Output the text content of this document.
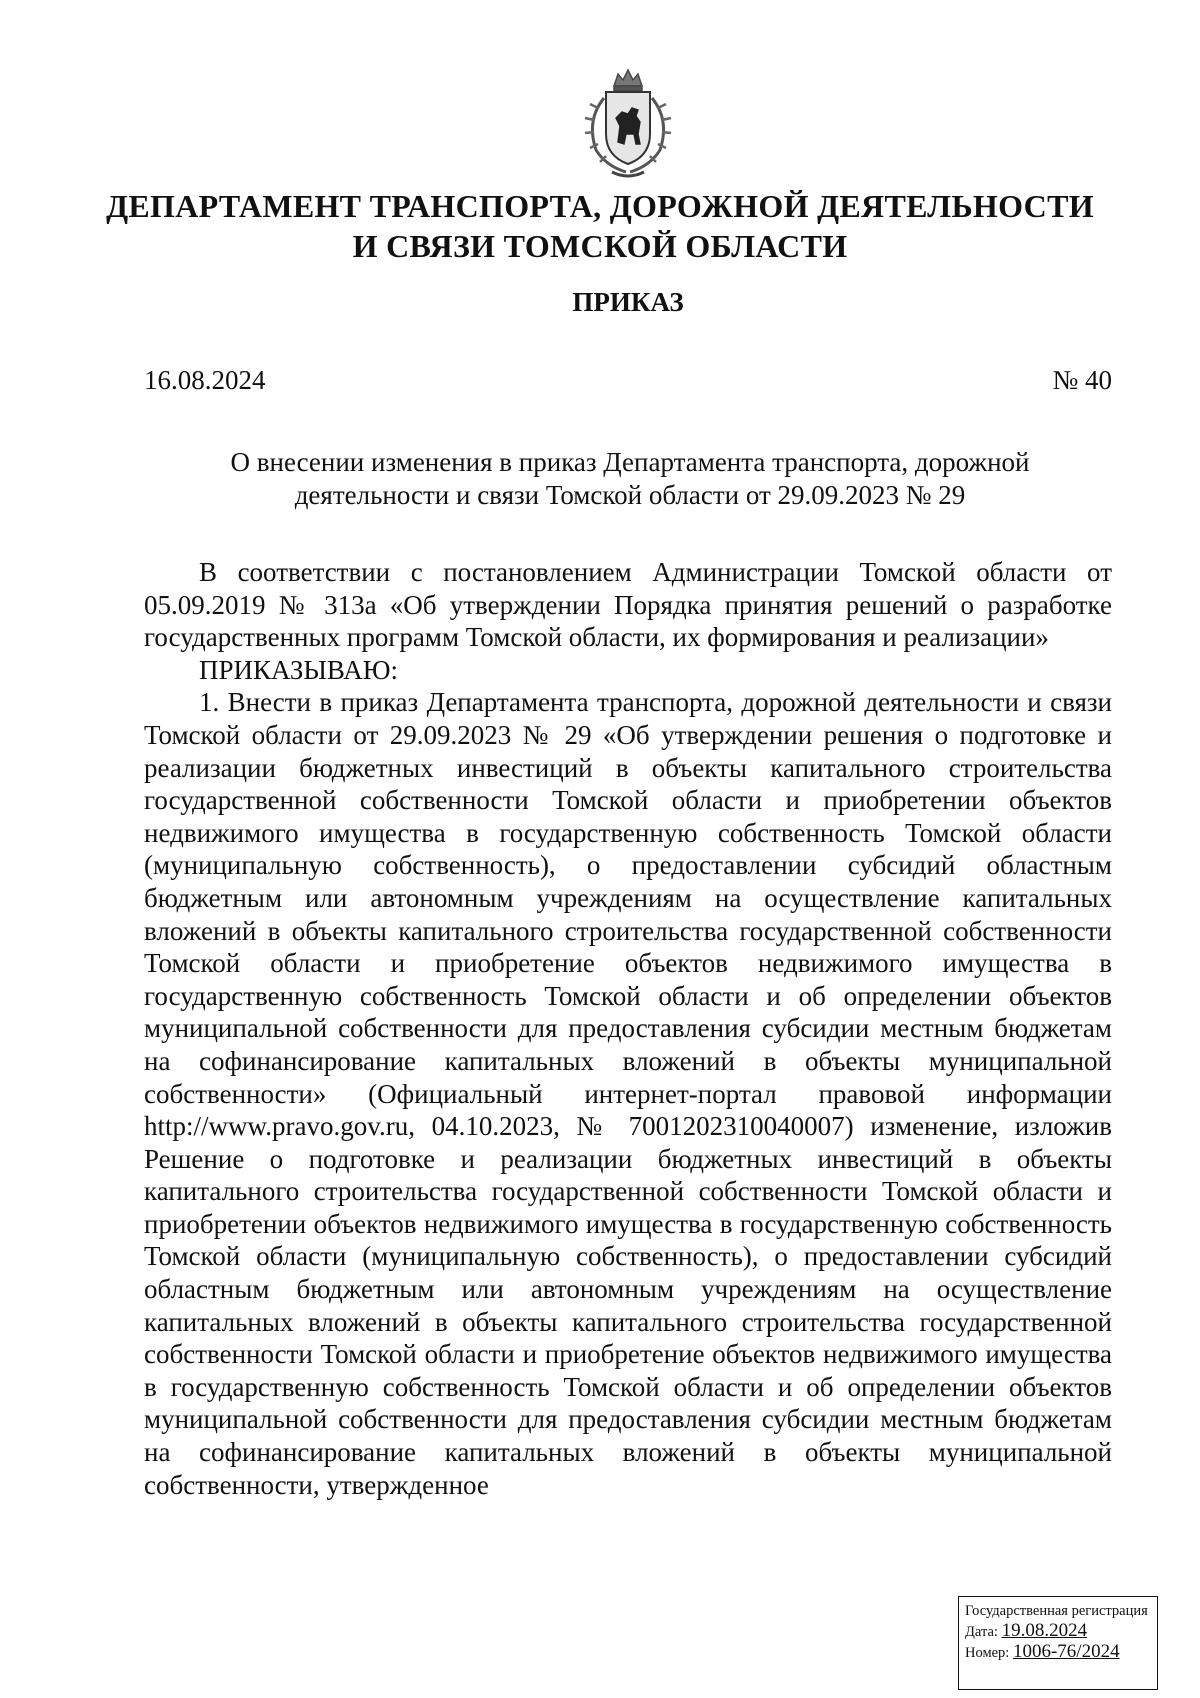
ДЕПАРТАМЕНТ ТРАНСПОРТА, ДОРОЖНОЙ ДЕЯТЕЛЬНОСТИ
И СВЯЗИ ТОМСКОЙ ОБЛАСТИ
ПРИКАЗ
16.08.2024	№ 40
О внесении изменения в приказ Департамента транспорта, дорожной
деятельности и связи Томской области от 29.09.2023 № 29

В соответствии с постановлением Администрации Томской области от 05.09.2019 № 313а «Об утверждении Порядка принятия решений о разработке государственных программ Томской области, их формирования и реализации»

ПРИКАЗЫВАЮ:

1. Внести в приказ Департамента транспорта, дорожной деятельности и связи Томской области от 29.09.2023 № 29 «Об утверждении решения о подготовке и реализации бюджетных инвестиций в объекты капитального строительства государственной собственности Томской области и приобретении объектов недвижимого имущества в государственную собственность Томской области (муниципальную собственность), о предоставлении субсидий областным бюджетным или автономным учреждениям на осуществление капитальных вложений в объекты капитального строительства государственной собственности Томской области и приобретение объектов недвижимого имущества в государственную собственность Томской области и об определении объектов муниципальной собственности для предоставления субсидии местным бюджетам на софинансирование капитальных вложений в объекты муниципальной собственности» (Официальный интернет-портал правовой информации http://www.pravo.gov.ru, 04.10.2023, № 7001202310040007) изменение, изложив Решение о подготовке и реализации бюджетных инвестиций в объекты капитального строительства государственной собственности Томской области и приобретении объектов недвижимого имущества в государственную собственность Томской области (муниципальную собственность), о предоставлении субсидий областным бюджетным или автономным учреждениям на осуществление капитальных вложений в объекты капитального строительства государственной собственности Томской области и приобретение объектов недвижимого имущества в государственную собственность Томской области и об определении объектов муниципальной собственности для предоставления субсидии местным бюджетам на софинансирование капитальных вложений в объекты муниципальной собственности, утвержденное

Государственная регистрация
Дата: 19.08.2024
Номер: 1006-76/2024
